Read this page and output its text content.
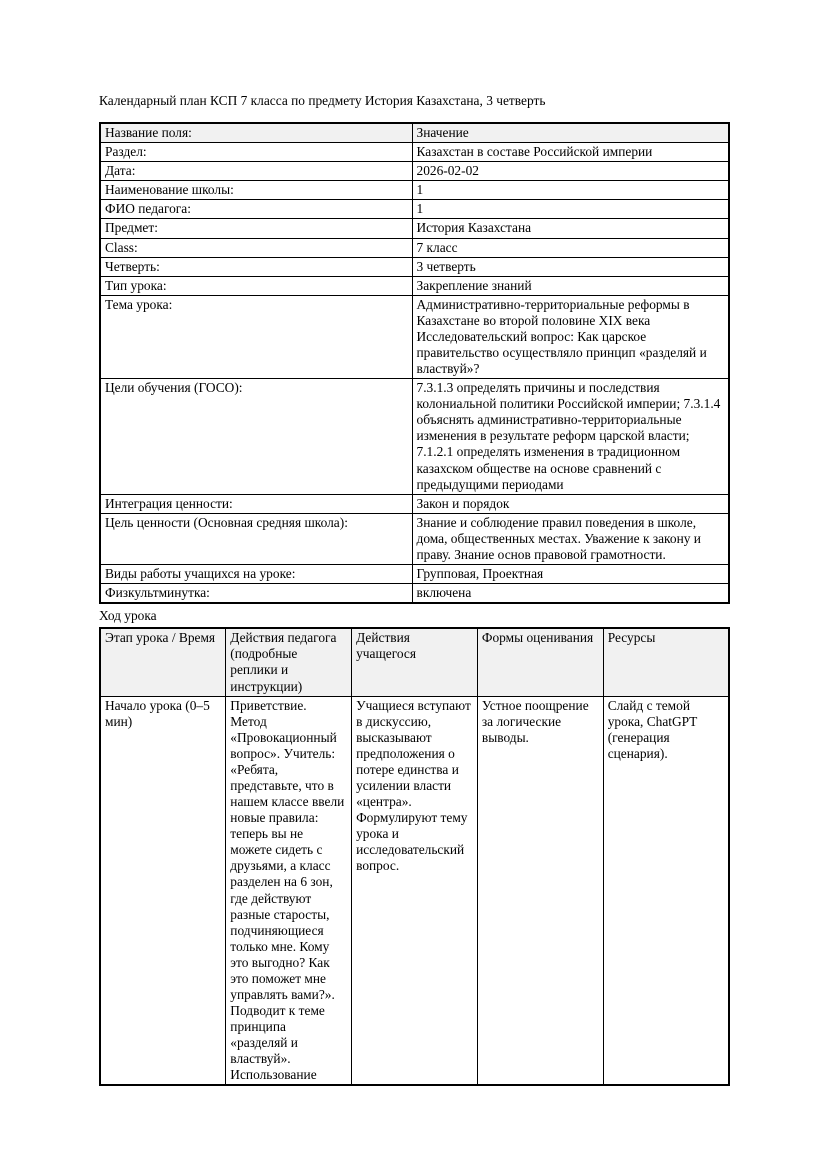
Календарный план КСП 7 класса по предмету История Казахстана, 3 четверть

Название поля:	Значение
Раздел:	Казахстан в составе Российской империи
Дата:	2026-02-02
Наименование школы:	1
ФИО педагога:	1
Предмет:	История Казахстана
Class:	7 класс
Четверть:	3 четверть
Тип урока:	Закрепление знаний
Тема урока:	Административно-территориальные реформы в Казахстане во второй половине XIX века Исследовательский вопрос: Как царское правительство осуществляло принцип «разделяй и властвуй»?
Цели обучения (ГОСО):	7.3.1.3 определять причины и последствия колониальной политики Российской империи; 7.3.1.4 объяснять административно-территориальные изменения в результате реформ царской власти; 7.1.2.1 определять изменения в традиционном казахском обществе на основе сравнений с предыдущими периодами
Интеграция ценности:	Закон и порядок
Цель ценности (Основная средняя школа):	Знание и соблюдение правил поведения в школе, дома, общественных местах. Уважение к закону и праву. Знание основ правовой грамотности.
Виды работы учащихся на уроке:	Групповая, Проектная
Физкультминутка:	включена

Ход урока

Этап урока / Время	Действия педагога (подробные реплики и инструкции)	Действия учащегося	Формы оценивания	Ресурсы
Начало урока (0–5 мин)	Приветствие. Метод «Провокационный вопрос». Учитель: «Ребята, представьте, что в нашем классе ввели новые правила: теперь вы не можете сидеть с друзьями, а класс разделен на 6 зон, где действуют разные старосты, подчиняющиеся только мне. Кому это выгодно? Как это поможет мне управлять вами?». Подводит к теме принципа «разделяй и властвуй». Использование	Учащиеся вступают в дискуссию, высказывают предположения о потере единства и усилении власти «центра». Формулируют тему урока и исследовательский вопрос.	Устное поощрение за логические выводы.	Слайд с темой урока, ChatGPT (генерация сценария).
